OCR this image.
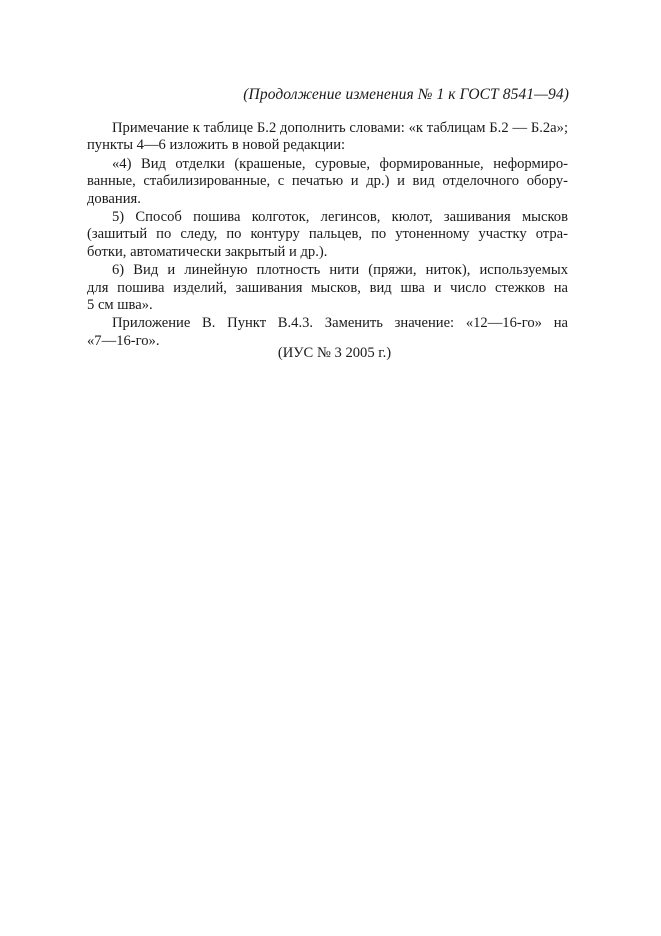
(Продолжение изменения № 1 к ГОСТ 8541—94)

Примечание к таблице Б.2 дополнить словами: «к таблицам Б.2 — Б.2а»;
пункты 4—6 изложить в новой редакции:

«4) Вид отделки (крашеные, суровые, формированные, неформиро-
ванные, стабилизированные, с печатью и др.) и вид отделочного обору-
дования.

5) Способ пошива колготок, легинсов, кюлот, зашивания мысков
(зашитый по следу, по контуру пальцев, по утоненному участку отра-
ботки, автоматически закрытый и др.).

6) Вид и линейную плотность нити (пряжи, ниток), используемых
для пошива изделий, зашивания мысков, вид шва и число стежков на
5 см шва».

Приложение В. Пункт В.4.3. Заменить значение: «12—16-го» на
«7—16-го».

(ИУС № 3 2005 г.)
